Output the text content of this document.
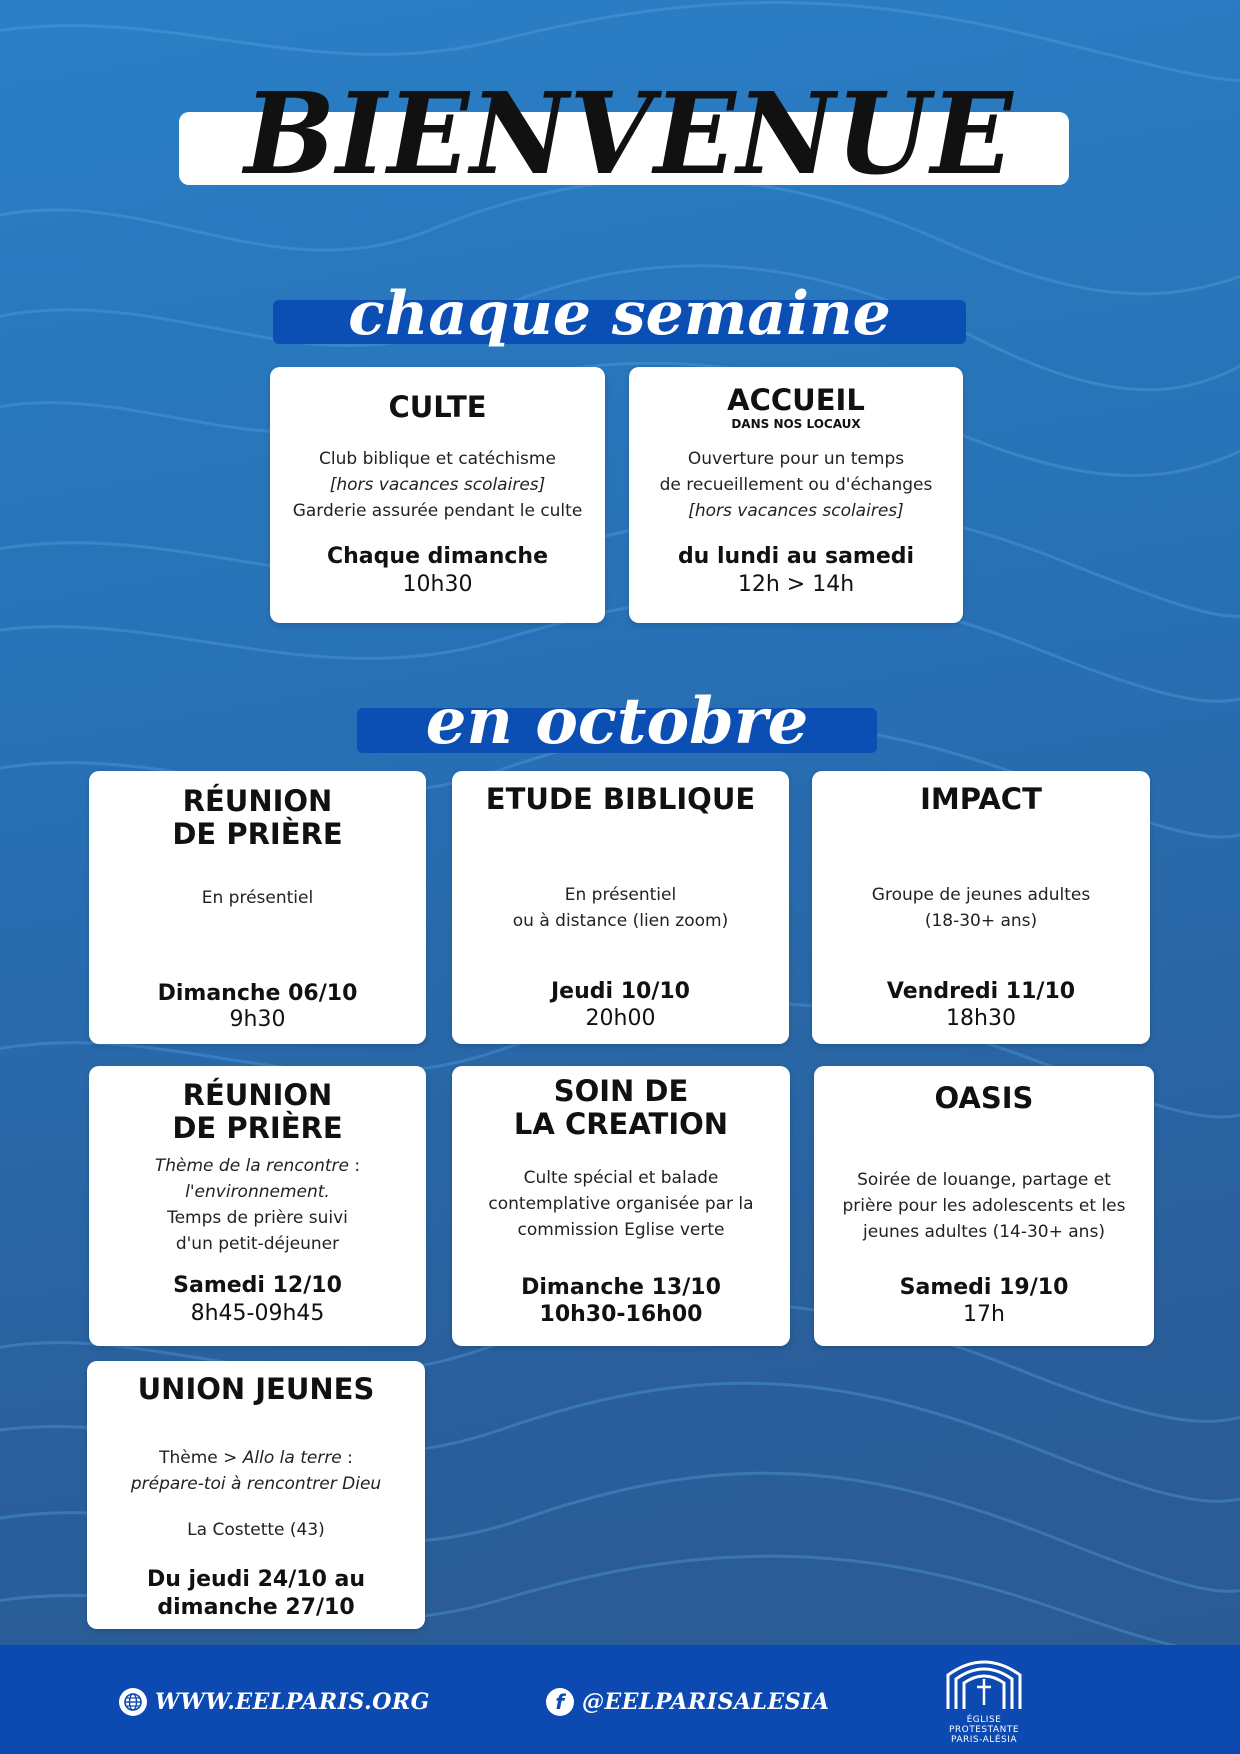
BIENVENUE
chaque semaine
CULTE
Club biblique et catéchisme
[hors vacances scolaires]
Garderie assurée pendant le culte
Chaque dimanche
10h30
ACCUEIL
DANS NOS LOCAUX
Ouverture pour un temps
de recueillement ou d'échanges
[hors vacances scolaires]
du lundi au samedi
12h > 14h
en octobre
RÉUNION
DE PRIÈRE
En présentiel
Dimanche 06/10
9h30
ETUDE BIBLIQUE
En présentiel
ou à distance (lien zoom)
Jeudi 10/10
20h00
IMPACT
Groupe de jeunes adultes
(18-30+ ans)
Vendredi 11/10
18h30
RÉUNION
DE PRIÈRE
Thème de la rencontre :
l'environnement.
Temps de prière suivi
d'un petit-déjeuner
Samedi 12/10
8h45-09h45
SOIN DE
LA CREATION
Culte spécial et balade
contemplative organisée par la
commission Eglise verte
Dimanche 13/10
10h30-16h00
OASIS
Soirée de louange, partage et
prière pour les adolescents et les
jeunes adultes (14-30+ ans)
Samedi 19/10
17h
UNION JEUNES
Thème > Allo la terre :
prépare-toi à rencontrer Dieu
La Costette (43)
Du jeudi 24/10 au
dimanche 27/10
WWW.EELPARIS.ORG	f @EELPARISALESIA
ÉGLISE
PROTESTANTE
PARIS-ALÉSIA
